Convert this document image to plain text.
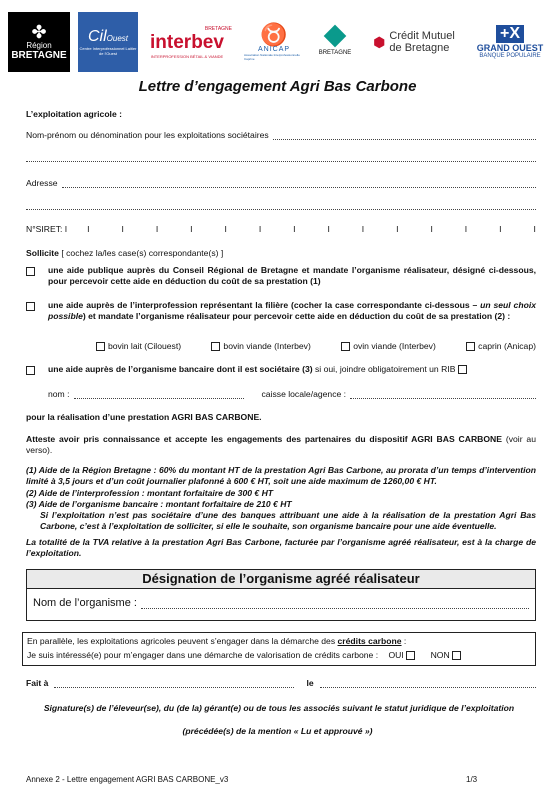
✤
Région
BRETAGNE
CilOuest
Centre Interprofessionnel Laitier de l'Ouest
BRETAGNE
interbev
INTERPROFESSION BÉTAIL & VIANDE
♉
ANICAP
Association Nationale Interprofessionnelle Caprine
CA
BRETAGNE
⬢ Crédit Mutuel
de Bretagne
+X
GRAND OUEST
BANQUE POPULAIRE
Lettre d’engagement Agri Bas Carbone
L’exploitation agricole :
Nom-prénom ou dénomination pour les exploitations sociétaires
Adresse
N°SIRET: I I	I	I	I	I	I	I	I	I	I	I	I	I	I
Sollicite [ cochez la/les case(s) correspondante(s) ]
une aide publique auprès du Conseil Régional de Bretagne et mandate l’organisme réalisateur, désigné ci-dessous, pour percevoir cette aide en déduction du coût de sa prestation (1)
une aide auprès de l’interprofession représentant la filière (cocher la case correspondante ci-dessous – un seul choix possible) et mandate l’organisme réalisateur pour percevoir cette aide en déduction du coût de sa prestation (2) :
bovin lait (Cilouest)	bovin viande (Interbev)	ovin viande (Interbev)	caprin (Anicap)
une aide auprès de l’organisme bancaire dont il est sociétaire (3) si oui, joindre obligatoirement un RIB
nom :	caisse locale/agence :
pour la réalisation d’une prestation AGRI BAS CARBONE.
Atteste avoir pris connaissance et accepte les engagements des partenaires du dispositif AGRI BAS CARBONE (voir au verso).
(1) Aide de la Région Bretagne : 60% du montant HT de la prestation Agri Bas Carbone, au prorata d’un temps d’intervention limité à 3,5 jours et d’un coût journalier plafonné à 600 € HT, soit une aide maximum de 1260,00 € HT.
(2) Aide de l’interprofession : montant forfaitaire de 300 € HT
(3) Aide de l’organisme bancaire : montant forfaitaire de 210 € HT
Si l’exploitation n’est pas sociétaire d’une des banques attribuant une aide à la réalisation de la prestation Agri Bas Carbone, c’est à l’exploitation de solliciter, si elle le souhaite, son organisme bancaire pour une aide éventuelle.
La totalité de la TVA relative à la prestation Agri Bas Carbone, facturée par l’organisme agréé réalisateur, est à la charge de l’exploitation.
Désignation de l’organisme agréé réalisateur
Nom de l’organisme :
En parallèle, les exploitations agricoles peuvent s’engager dans la démarche des crédits carbone :
Je suis intéressé(e) pour m’engager dans une démarche de valorisation de crédits carbone : OUI	NON
Fait à	le
Signature(s) de l’éleveur(se), du (de la) gérant(e) ou de tous les associés suivant le statut juridique de l’exploitation
(précédée(s) de la mention « Lu et approuvé »)
Annexe 2 - Lettre engagement AGRI BAS CARBONE_v3	1/3
